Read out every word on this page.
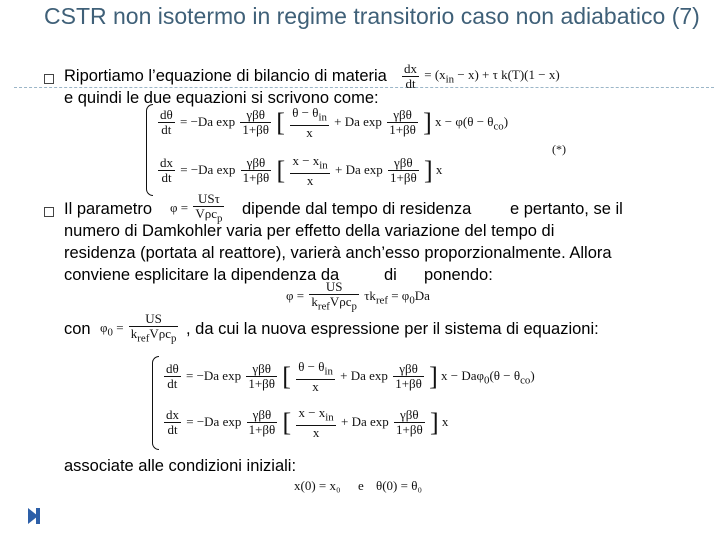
CSTR non isotermo in regime transitorio caso non adiabatico (7)
Riportiamo l’equazione di bilancio di materia
e quindi le due equazioni si scrivono come:
$\frac{dx}{dt} = (x_{in} - x) + \tau$ k(T)(1 − x)
$\frac{d\theta}{dt} = -Da$ $\exp \frac{\text{γβθ}}{1+\beta\theta}$ [ $\frac{\theta - \theta_{in}}{x} + Da$ $\exp \frac{\text{γβθ}}{1+\beta\theta}$ ] $x - \varphi(\theta - \theta_{co})$
$\frac{dx}{dt} = -Da$ $\exp \frac{\text{γβθ}}{1+\beta\theta}$ [ $\frac{x - x_{in}}{x} + Da$ $\exp \frac{\text{γβθ}}{1+\beta\theta}$ ] x
(*)
Il parametro $\varphi = \frac{\text{USτ}}{V\rho c_p}$ dipende dal tempo di residenza e pertanto, se il
numero di Damkohler varia per effetto della variazione del tempo di
residenza (portata al reattore), varierà anch’esso proporzionalmente. Allora
conviene esplicitare la dipendenza da	di ponendo:
$\varphi = \frac{US}{k_{ref}V\rho c_p} \tau k_{ref} = \varphi_0Da$
con $\varphi_0 = \frac{US}{k_{ref}V\rho c_p}$ , da cui la nuova espressione per il sistema di equazioni:
$\frac{d\theta}{dt} = -Da$ $\exp \frac{\text{γβθ}}{1+\beta\theta}$ [ $\frac{\theta - \theta_{in}}{x} + Da$ $\exp \frac{\text{γβθ}}{1+\beta\theta}$ ] $x - Da\varphi_0(\theta - \theta_{co})$
$\frac{dx}{dt} = -Da$ $\exp \frac{\text{γβθ}}{1+\beta\theta}$ [ $\frac{x - x_{in}}{x} + Da$ $\exp \frac{\text{γβθ}}{1+\beta\theta}$ ] x
associate alle condizioni iniziali:
x(0) = x₀ e θ(0) = θ₀
